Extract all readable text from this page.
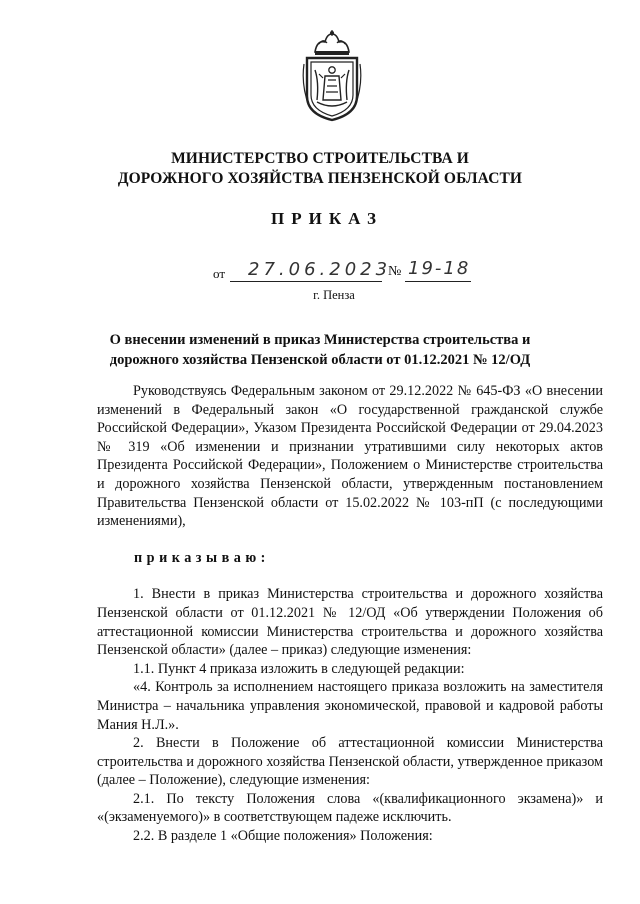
МИНИСТЕРСТВО СТРОИТЕЛЬСТВА И
ДОРОЖНОГО ХОЗЯЙСТВА ПЕНЗЕНСКОЙ ОБЛАСТИ
ПРИКАЗ
от 27.06.2023
№ 19-18
г. Пенза
О внесении изменений в приказ Министерства строительства и
дорожного хозяйства Пензенской области от 01.12.2021 № 12/ОД

Руководствуясь Федеральным законом от 29.12.2022 № 645-ФЗ «О внесении изменений в Федеральный закон «О государственной гражданской службе Российской Федерации», Указом Президента Российской Федерации от 29.04.2023 № 319 «Об изменении и признании утратившими силу некоторых актов Президента Российской Федерации», Положением о Министерстве строительства и дорожного хозяйства Пензенской области, утвержденным постановлением Правительства Пензенской области от 15.02.2022 № 103-пП (с последующими изменениями),

приказываю:

1. Внести в приказ Министерства строительства и дорожного хозяйства Пензенской области от 01.12.2021 № 12/ОД «Об утверждении Положения об аттестационной комиссии Министерства строительства и дорожного хозяйства Пензенской области» (далее – приказ) следующие изменения:

1.1. Пункт 4 приказа изложить в следующей редакции:

«4. Контроль за исполнением настоящего приказа возложить на заместителя Министра – начальника управления экономической, правовой и кадровой работы Мания Н.Л.».

2. Внести в Положение об аттестационной комиссии Министерства строительства и дорожного хозяйства Пензенской области, утвержденное приказом (далее – Положение), следующие изменения:

2.1. По тексту Положения слова «(квалификационного экзамена)» и «(экзаменуемого)» в соответствующем падеже исключить.

2.2. В разделе 1 «Общие положения» Положения:
